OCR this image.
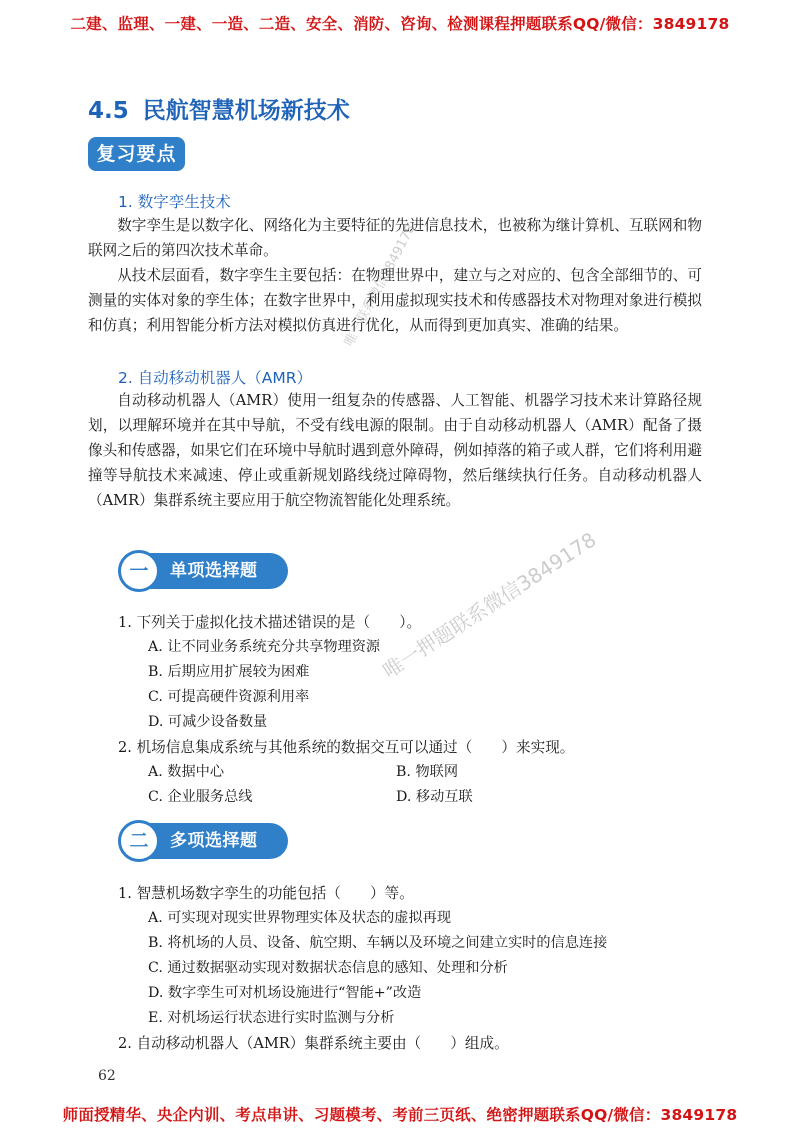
二建、监理、一建、一造、二造、安全、消防、咨询、检测课程押题联系QQ/微信：3849178
师面授精华、央企内训、考点串讲、习题模考、考前三页纸、绝密押题联系QQ/微信：3849178
4.5 民航智慧机场新技术
复习要点
1. 数字孪生技术

数字孪生是以数字化、网络化为主要特征的先进信息技术，也被称为继计算机、互联网和物联网之后的第四次技术革命。

从技术层面看，数字孪生主要包括：在物理世界中，建立与之对应的、包含全部细节的、可测量的实体对象的孪生体；在数字世界中，利用虚拟现实技术和传感器技术对物理对象进行模拟和仿真；利用智能分析方法对模拟仿真进行优化，从而得到更加真实、准确的结果。

2. 自动移动机器人（AMR）

自动移动机器人（AMR）使用一组复杂的传感器、人工智能、机器学习技术来计算路径规划，以理解环境并在其中导航，不受有线电源的限制。由于自动移动机器人（AMR）配备了摄像头和传感器，如果它们在环境中导航时遇到意外障碍，例如掉落的箱子或人群，它们将利用避撞等导航技术来减速、停止或重新规划路线绕过障碍物，然后继续执行任务。自动移动机器人（AMR）集群系统主要应用于航空物流智能化处理系统。

单项选择题
一
1. 下列关于虚拟化技术描述错误的是（　　）。
A. 让不同业务系统充分共享物理资源
B. 后期应用扩展较为困难
C. 可提高硬件资源利用率
D. 可减少设备数量
2. 机场信息集成系统与其他系统的数据交互可以通过（　　）来实现。
A. 数据中心	B. 物联网
C. 企业服务总线	D. 移动互联
多项选择题
二
1. 智慧机场数字孪生的功能包括（　　）等。
A. 可实现对现实世界物理实体及状态的虚拟再现
B. 将机场的人员、设备、航空期、车辆以及环境之间建立实时的信息连接
C. 通过数据驱动实现对数据状态信息的感知、处理和分析
D. 数字孪生可对机场设施进行“智能+”改造
E. 对机场运行状态进行实时监测与分析
2. 自动移动机器人（AMR）集群系统主要由（　　）组成。
62
唯一联系微信3849178
唯一押题联系微信3849178
